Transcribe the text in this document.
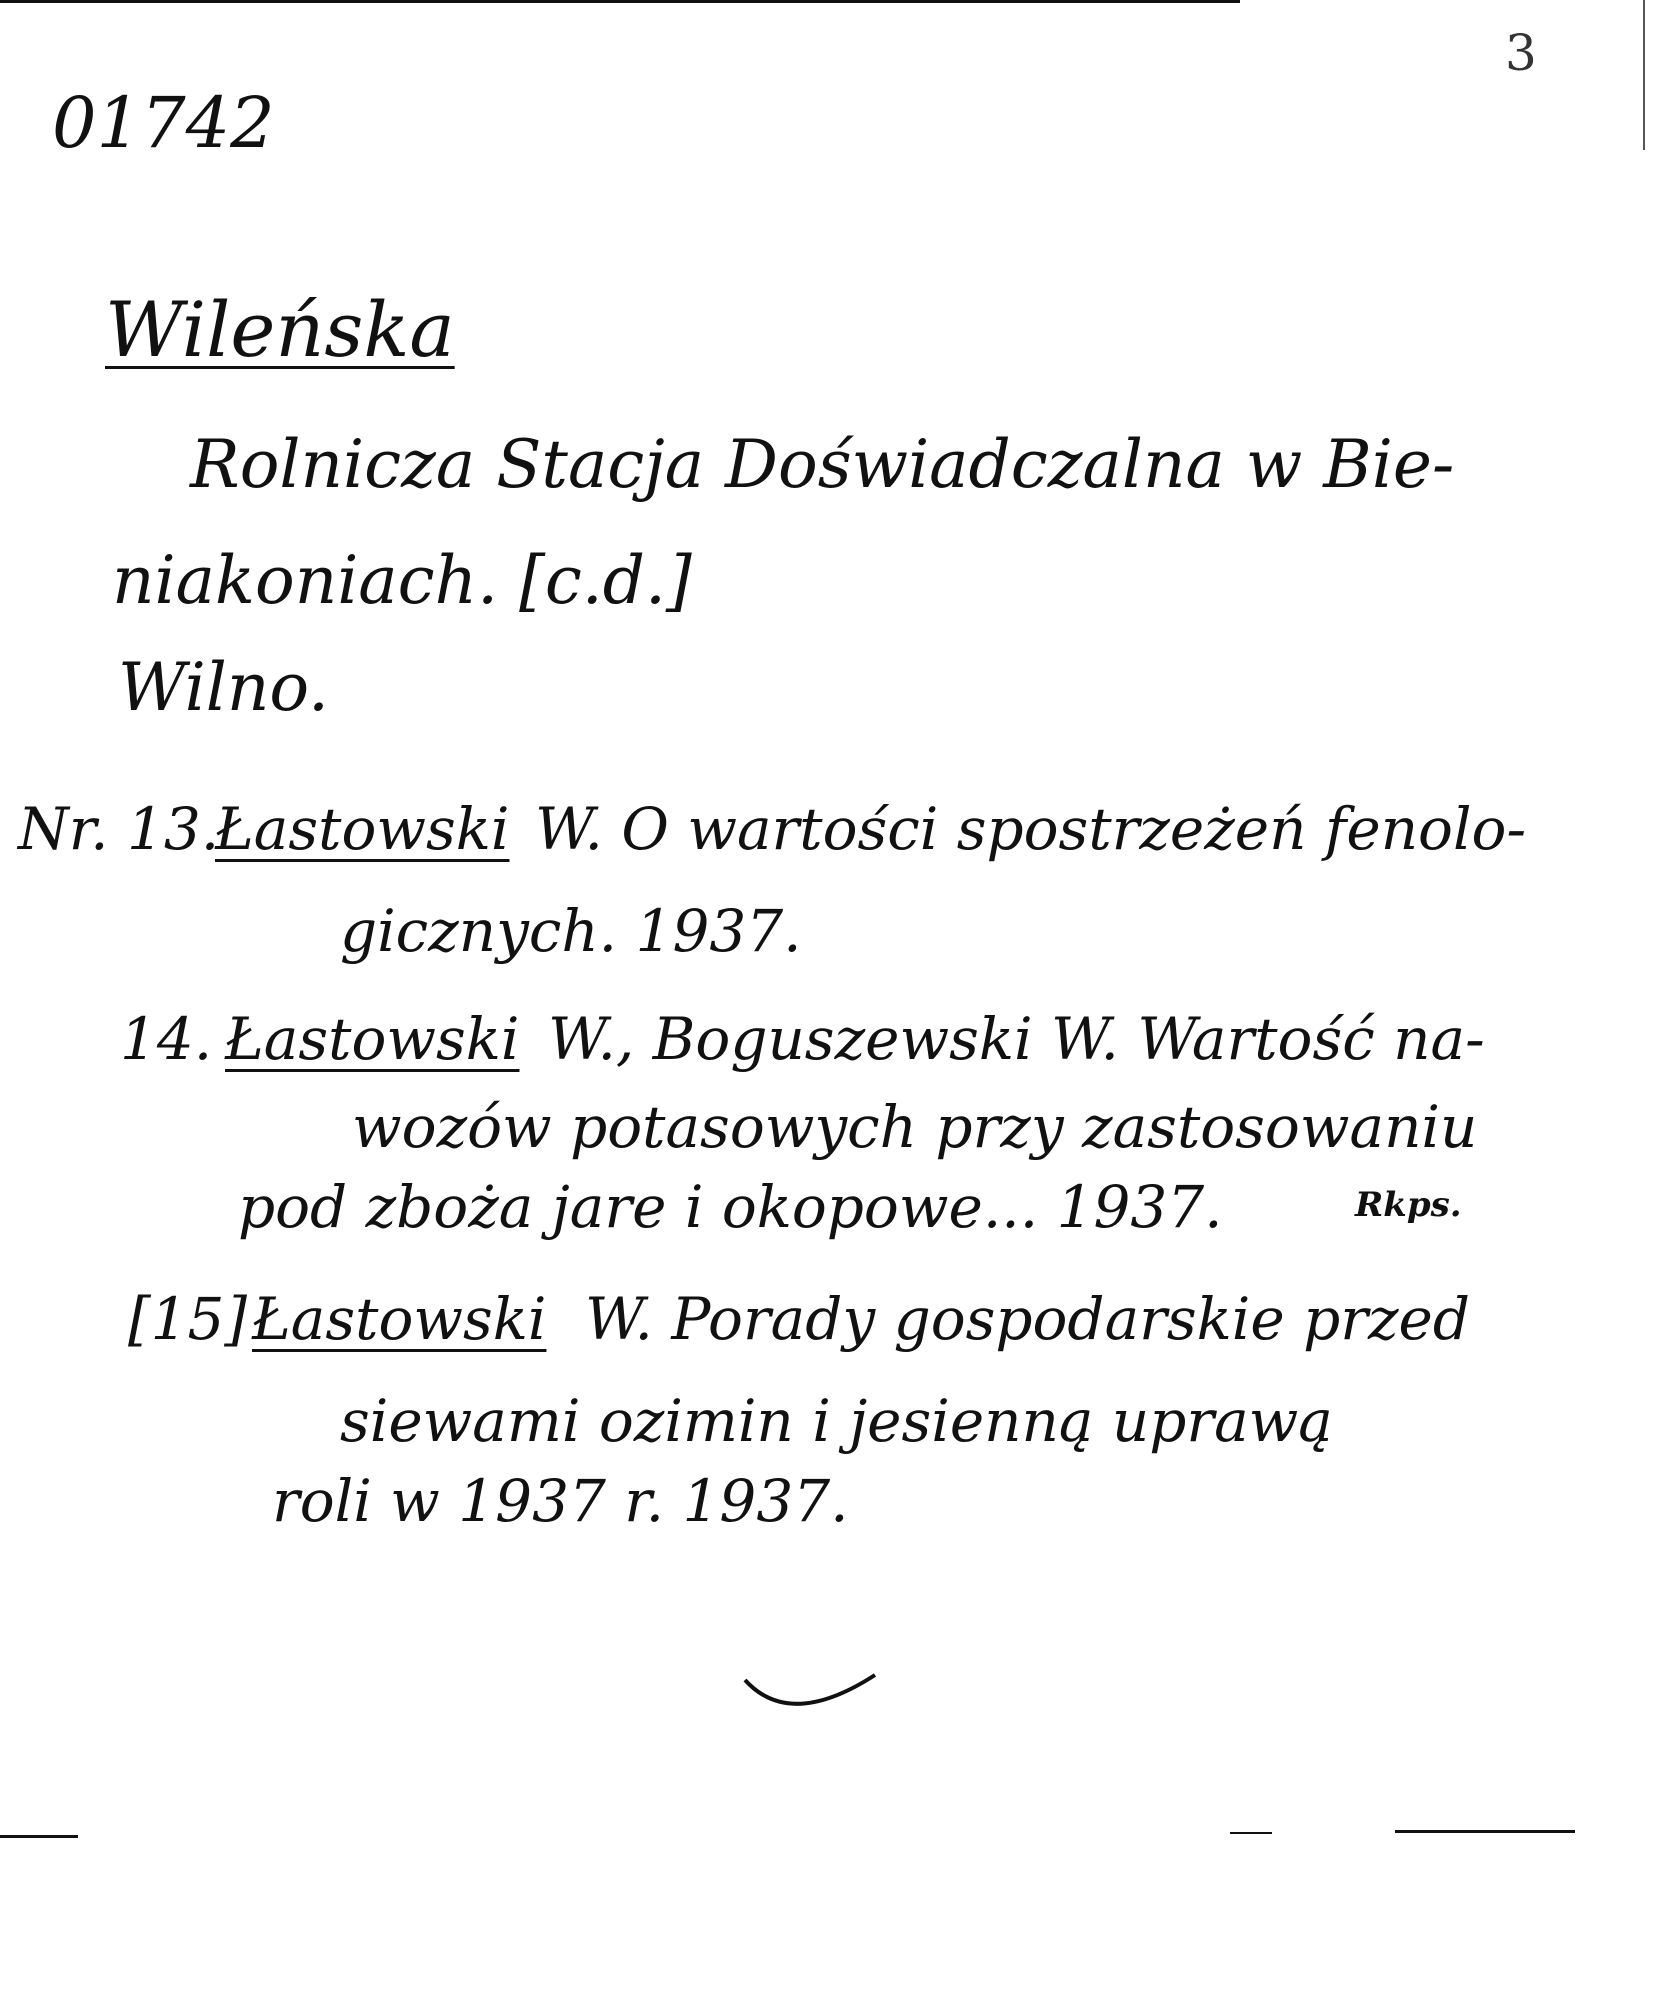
01742
3
Wileńska
Rolnicza Stacja Doświadczalna w Bie-
niakoniach. [c.d.]
Wilno.
Nr. 13.
Łastowski W. O wartości spostrzeżeń fenolo-
gicznych. 1937.
14. Łastowski W., Boguszewski W. Wartość na-
wozów potasowych przy zastosowaniu
pod zboża jare i okopowe... 1937.	Rkps.
[15] Łastowski W. Porady gospodarskie przed
siewami ozimin i jesienną uprawą
roli w 1937 r. 1937.
